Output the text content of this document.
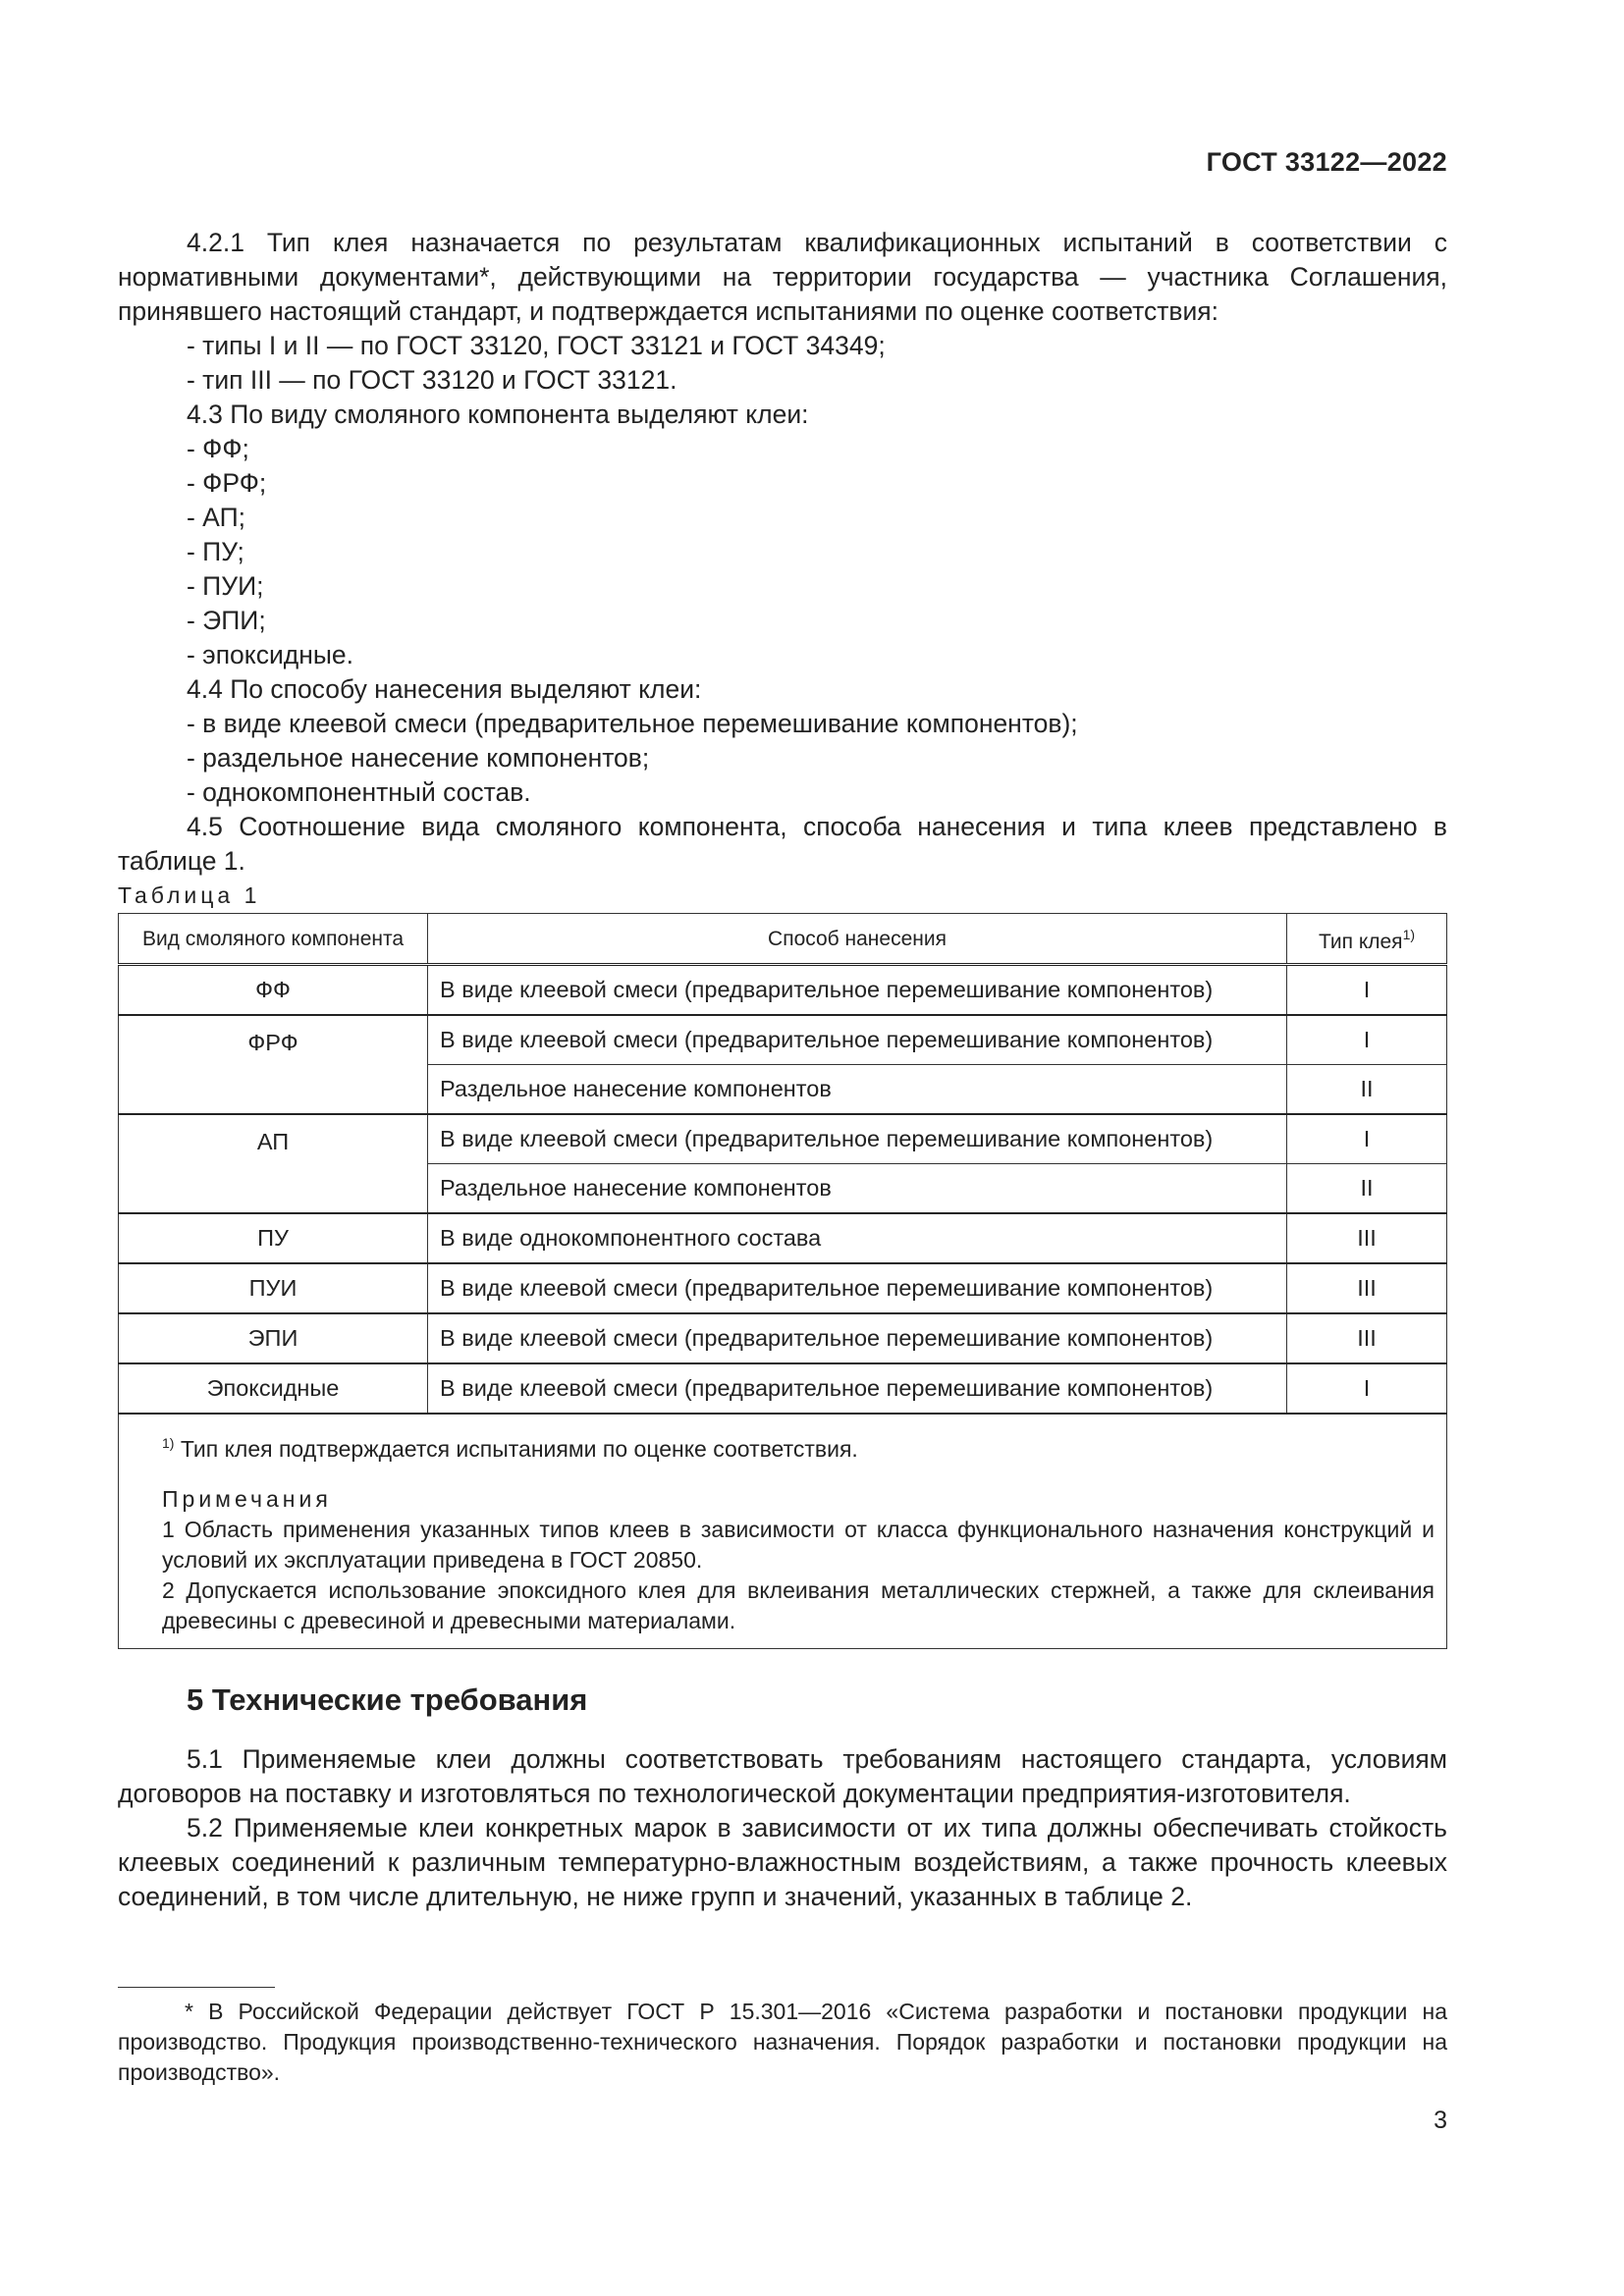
ГОСТ 33122—2022

4.2.1 Тип клея назначается по результатам квалификационных испытаний в соответствии с нормативными документами*, действующими на территории государства — участника Соглашения, принявшего настоящий стандарт, и подтверждается испытаниями по оценке соответствия:

- типы I и II — по ГОСТ 33120, ГОСТ 33121 и ГОСТ 34349;

- тип III — по ГОСТ 33120 и ГОСТ 33121.

4.3 По виду смоляного компонента выделяют клеи:

- ФФ;

- ФРФ;

- АП;

- ПУ;

- ПУИ;

- ЭПИ;

- эпоксидные.

4.4 По способу нанесения выделяют клеи:

- в виде клеевой смеси (предварительное перемешивание компонентов);

- раздельное нанесение компонентов;

- однокомпонентный состав.

4.5 Соотношение вида смоляного компонента, способа нанесения и типа клеев представлено в таблице 1.

Таблица 1

Вид смоляного компонента	Способ нанесения	Тип клея$^{1)}$
ФФ	В виде клеевой смеси (предварительное перемешивание компонентов)	I
ФРФ	В виде клеевой смеси (предварительное перемешивание компонентов)	I
	Раздельное нанесение компонентов	II
АП	В виде клеевой смеси (предварительное перемешивание компонентов)	I
	Раздельное нанесение компонентов	II
ПУ	В виде однокомпонентного состава	III
ПУИ	В виде клеевой смеси (предварительное перемешивание компонентов)	III
ЭПИ	В виде клеевой смеси (предварительное перемешивание компонентов)	III
Эпоксидные	В виде клеевой смеси (предварительное перемешивание компонентов)	I

$^{1)}$ Тип клея подтверждается испытаниями по оценке соответствия.

Примечания

1 Область применения указанных типов клеев в зависимости от класса функционального назначения конструкций и условий их эксплуатации приведена в ГОСТ 20850.

2 Допускается использование эпоксидного клея для вклеивания металлических стержней, а также для склеивания древесины с древесиной и древесными материалами.		

5 Технические требования

5.1 Применяемые клеи должны соответствовать требованиям настоящего стандарта, условиям договоров на поставку и изготовляться по технологической документации предприятия-изготовителя.

5.2 Применяемые клеи конкретных марок в зависимости от их типа должны обеспечивать стойкость клеевых соединений к различным температурно-влажностным воздействиям, а также прочность клеевых соединений, в том числе длительную, не ниже групп и значений, указанных в таблице 2.

* В Российской Федерации действует ГОСТ Р 15.301—2016 «Система разработки и постановки продукции на производство. Продукция производственно-технического назначения. Порядок разработки и постановки продукции на производство».

3
